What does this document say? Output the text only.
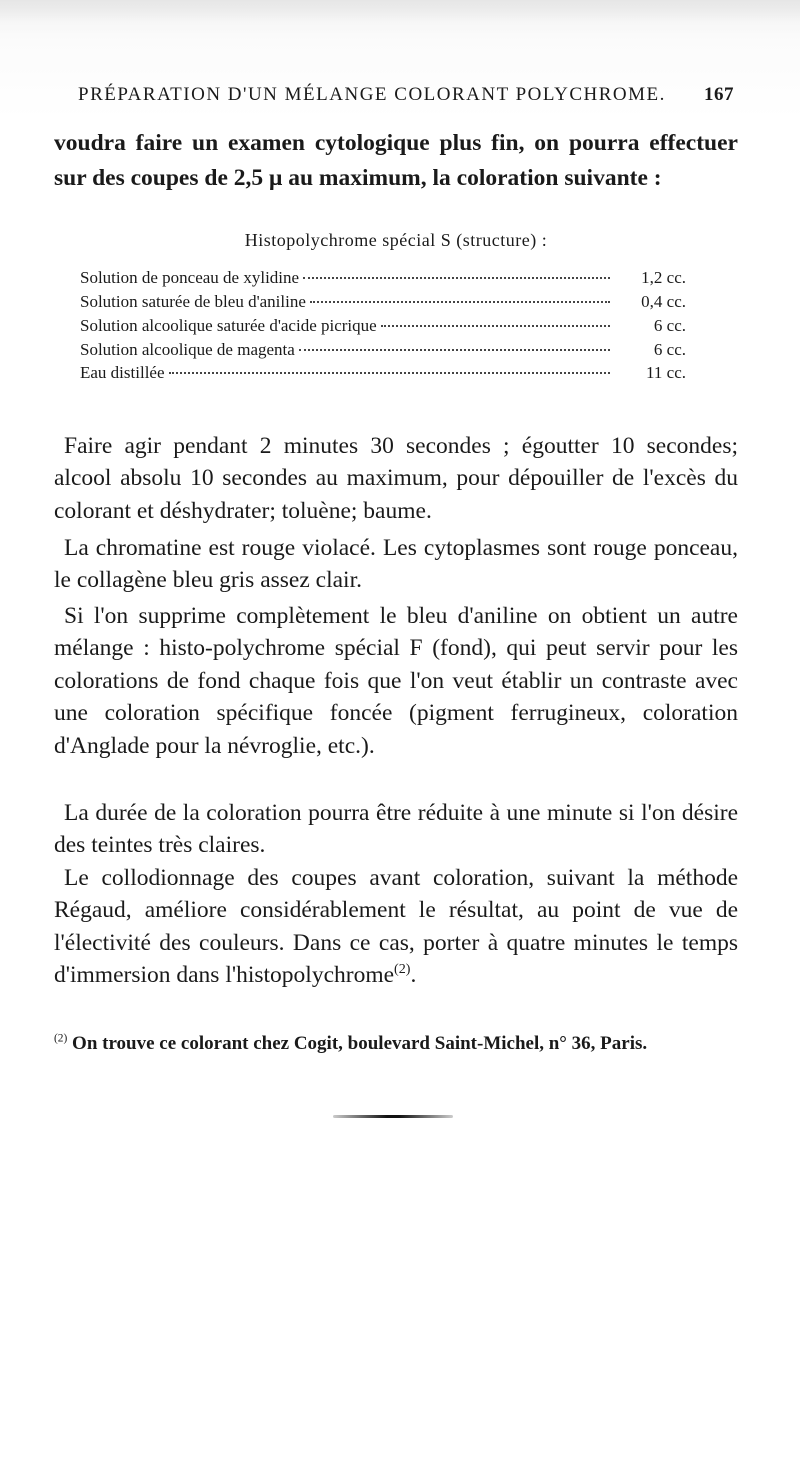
PRÉPARATION D'UN MÉLANGE COLORANT POLYCHROME. 167
voudra faire un examen cytologique plus fin, on pourra effectuer sur des coupes de 2,5 μ au maximum, la coloration suivante :
Histopolychrome spécial S (structure) :
Solution de ponceau de xylidine	1,2 cc.
Solution saturée de bleu d'aniline	0,4 cc.
Solution alcoolique saturée d'acide picrique	6 cc.
Solution alcoolique de magenta	6 cc.
Eau distillée	11 cc.

Faire agir pendant 2 minutes 30 secondes ; égoutter 10 secondes; alcool absolu 10 secondes au maximum, pour dépouiller de l'excès du colorant et déshydrater; toluène; baume.

La chromatine est rouge violacé. Les cytoplasmes sont rouge ponceau, le collagène bleu gris assez clair.

Si l'on supprime complètement le bleu d'aniline on obtient un autre mélange : histo-polychrome spécial F (fond), qui peut servir pour les colorations de fond chaque fois que l'on veut établir un contraste avec une coloration spécifique foncée (pigment ferrugineux, coloration d'Anglade pour la névroglie, etc.).

La durée de la coloration pourra être réduite à une minute si l'on désire des teintes très claires.

Le collodionnage des coupes avant coloration, suivant la méthode Régaud, améliore considérablement le résultat, au point de vue de l'électivité des couleurs. Dans ce cas, porter à quatre minutes le temps d'immersion dans l'histopolychrome$^{(2)}$.

$^{(2)}$ On trouve ce colorant chez Cogit, boulevard Saint-Michel, n° 36, Paris.
